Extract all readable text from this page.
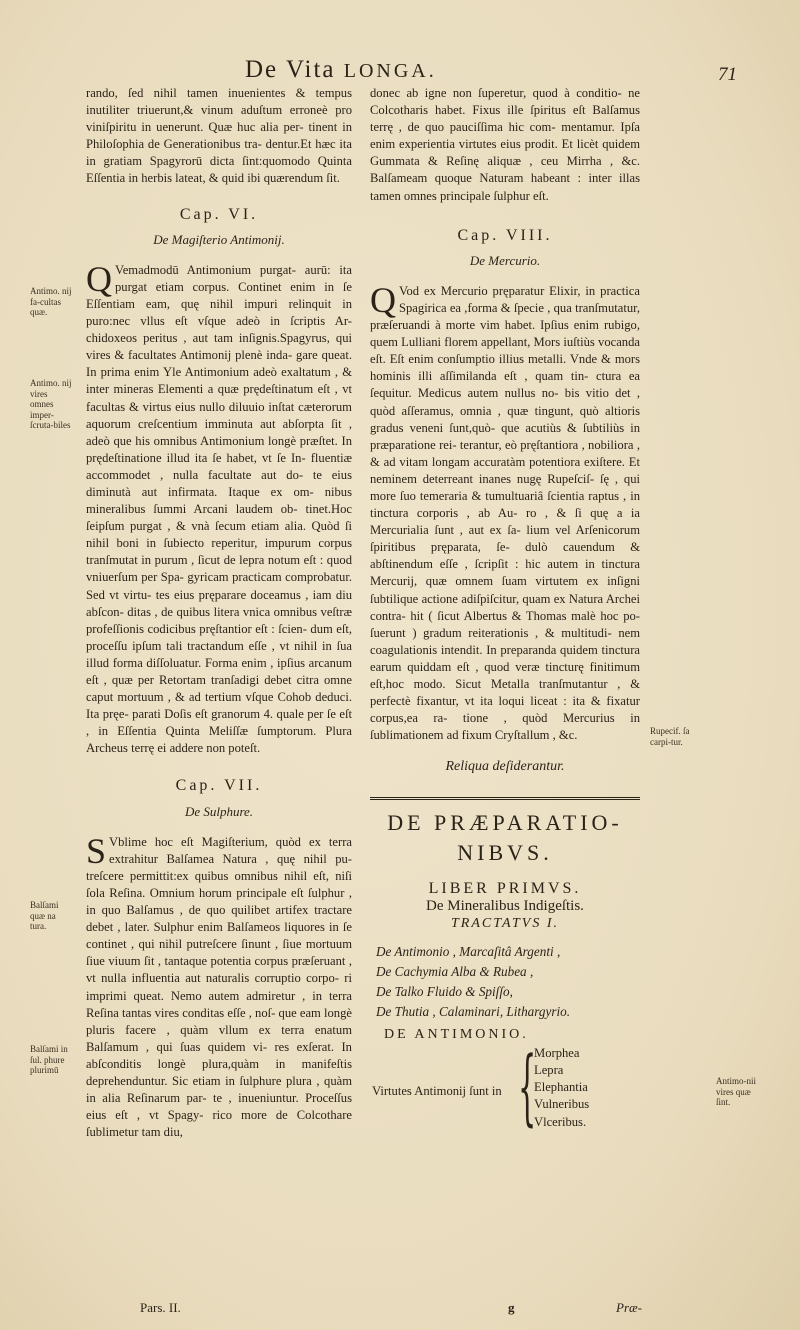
De Vita LONGA.	71

rando, ſed nihil tamen inuenientes & tempus inutiliter triuerunt,& vinum aduſtum erroneè pro viniſpiritu in uenerunt. Quæ huc alia per- tinent in Philoſophia de Generationibus tra- dentur.Et hæc ita in gratiam Spagyrorū dicta ſint:quomodo Quinta Eſſentia in herbis lateat, & quid ibi quærendum ſit.

Cap. VI.
De Magiſterio Antimonij.

Q Vemadmodū Antimonium purgat- aurū: ita purgat etiam corpus. Continet enim in ſe Eſſentiam eam, quę nihil impuri relinquit in puro:nec vllus eſt vſque adeò in ſcriptis Ar- chidoxeos peritus , aut tam inſignis.Spagyrus, qui vires & facultates Antimonij plenè inda- gare queat. In prima enim Yle Antimonium adeò exaltatum , & inter mineras Elementi a quæ prędeſtinatum eſt , vt facultas & virtus eius nullo diluuio inſtat cæterorum aquorum creſcentium imminuta aut abſorpta ſit , adeò que his omnibus Antimonium longè præſtet. In prędeſtinatione illud ita ſe habet, vt ſe In- fluentiæ accommodet , nulla facultate aut do- te eius diminutà aut infirmata. Itaque ex om- nibus mineralibus ſummi Arcani laudem ob- tinet.Hoc ſeipſum purgat , & vnà ſecum etiam alia. Quòd ſi nihil boni in ſubiecto reperitur, impurum corpus tranſmutat in purum , ſicut de lepra notum eſt : quod vniuerſum per Spa- gyricam practicam comprobatur. Sed vt virtu- tes eius pręparare doceamus , iam diu abſcon- ditas , de quibus litera vnica omnibus veſtræ profeſſionis codicibus pręſtantior eſt : ſcien- dum eſt, proceſſu ipſum tali tractandum eſſe , vt nihil in ſua illud forma diſſoluatur. Forma enim , ipſius arcanum eſt , quæ per Retortam tranſadigi debet citra omne caput mortuum , & ad tertium vſque Cohob deduci. Ita pręe- parati Doſis eſt granorum 4. quale per ſe eſt , in Eſſentia Quinta Meliſſæ ſumptorum. Plura Archeus terrę ei addere non poteſt.

Cap. VII.
De Sulphure.

S Vblime hoc eſt Magiſterium, quòd ex terra extrahitur Balſamea Natura , quę nihil pu- treſcere permittit:ex quibus omnibus nihil eſt, niſi ſola Reſina. Omnium horum principale eſt ſulphur , in quo Balſamus , de quo quilibet artifex tractare debet , later. Sulphur enim Balſameos liquores in ſe continet , qui nihil putreſcere ſinunt , ſiue mortuum ſiue viuum ſit , tantaque potentia corpus præſeruant , vt nulla influentia aut naturalis corruptio corpo- ri imprimi queat. Nemo autem admiretur , in terra Reſina tantas vires conditas eſſe , noſ- que eam longè pluris facere , quàm vllum ex terra enatum Balſamum , qui ſuas quidem vi- res exſerat. In abſconditis longè plura,quàm in manifeſtis deprehenduntur. Sic etiam in ſulphure plura , quàm in alia Reſinarum par- te , inueniuntur. Proceſſus eius eſt , vt Spagy- rico more de Colcothare ſublimetur tam diu,

Pars. II.
Antimo. nij fa-cultas quæ.
Antimo. nij vires omnes imper-ſcruta-biles
Balſami quæ na tura.
Balſami in ſul. phure plurimū
Rupecif. ſa carpi-tur.
Antimo-nii vires quæ ſint.

donec ab igne non ſuperetur, quod à conditio- ne Colcotharis habet. Fixus ille ſpiritus eſt Balſamus terrę , de quo pauciſſima hic com- mentamur. Ipſa enim experientia virtutes eius prodit. Et licèt quidem Gummata & Reſinę aliquæ , ceu Mirrha , &c. Balſameam quoque Naturam habeant : inter illas tamen omnes principale ſulphur eſt.

Cap. VIII.
De Mercurio.

Q Vod ex Mercurio pręparatur Elixir, in practica Spagirica ea ,forma & ſpecie , qua tranſmutatur, præſeruandi à morte vim habet. Ipſius enim rubigo, quem Lulliani florem appellant, Mors iuſtiùs vocanda eſt. Eſt enim conſumptio illius metalli. Vnde & mors hominis illi aſſimilanda eſt , quam tin- ctura ea ſequitur. Medicus autem nullus no- bis vitio det , quòd aſſeramus, omnia , quæ tingunt, quò altioris gradus veneni ſunt,quò- que acutiùs & ſubtiliùs in præparatione rei- terantur, eò pręſtantiora , nobiliora , & ad vitam longam accuratàm potentiora exiſtere. Et neminem deterreant inanes nugę Rupeſciſ- ſę , qui more ſuo temeraria & tumultuariâ ſcientia raptus , in tinctura corporis , ab Au- ro , & ſi quę a ia Mercurialia ſunt , aut ex ſa- lium vel Arſenicorum ſpiritibus pręparata, ſe- dulò cauendum & abſtinendum eſſe , ſcripſit : hic autem in tinctura Mercurij, quæ omnem ſuam virtutem ex inſigni ſubtilique actione adiſpiſcitur, quam ex Natura Archei contra- hit ( ſicut Albertus & Thomas malè hoc po- ſuerunt ) gradum reiterationis , & multitudi- nem coagulationis intendit. In preparanda quidem tinctura earum quiddam eſt , quod veræ tincturę finitimum eſt,hoc modo. Sicut Metalla tranſmutantur , & perfectè fixantur, vt ita loqui liceat : ita & fixatur corpus,ea ra- tione , quòd Mercurius in ſublimationem ad fixum Cryſtallum , &c.

Reliqua deſiderantur.
DE PRÆPARATIO-
NIBVS.
LIBER PRIMVS.
De Mineralibus Indigeſtis.
TRACTATVS I.
De Antimonio , Marcaſitâ Argenti ,
De Cachymia Alba & Rubea ,
De Talko Fluido & Spiſſo,
De Thutia , Calaminari, Lithargyrio.
DE ANTIMONIO.
Virtutes Antimonij ſunt in {
Morphea
Lepra
Elephantia
Vulneribus
Vlceribus.
g	Præ-
